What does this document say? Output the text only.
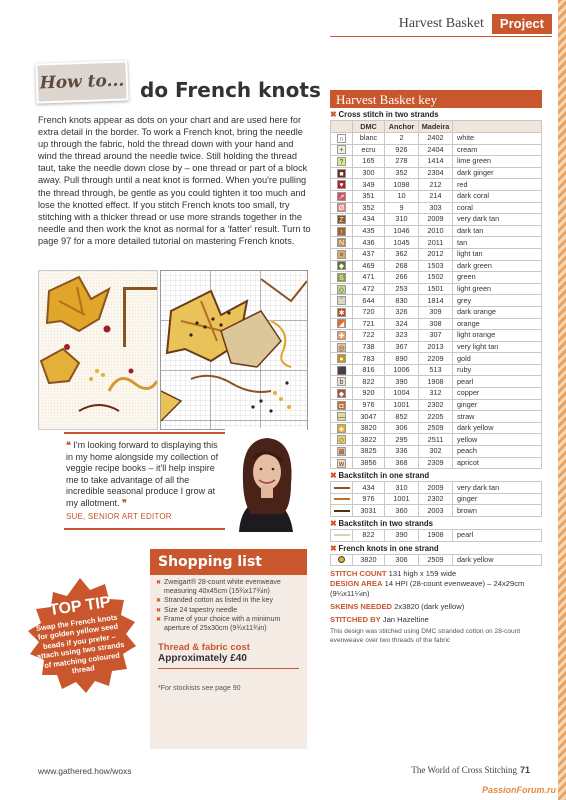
Harvest Basket	Project
How to... do French knots
French knots appear as dots on your chart and are used here for extra detail in the border. To work a French knot, bring the needle up through the fabric, hold the thread down with your hand and wind the thread around the needle twice. Still holding the thread taut, take the needle down close by – one thread or part of a block away. Pull through until a neat knot is formed. When you're pulling the thread through, be gentle as you could tighten it too much and lose the knotted effect. If you stitch French knots too small, try stitching with a thicker thread or use more strands together in the needle and then work the knot as normal for a 'fatter' result. Turn to page 97 for a more detailed tutorial on mastering French knots.
❝ I'm looking forward to displaying this in my home alongside my collection of veggie recipe books – it'll help inspire me to take advantage of all the incredible seasonal produce I grow at my allotment. ❞
SUE, SENIOR ART EDITOR
Shopping list
✖ Zweigart® 28-count white evenweave measuring 40x45cm (15¾x17¾in)
✖ Stranded cotton as listed in the key
✖ Size 24 tapestry needle
✖ Frame of your choice with a minimum aperture of 25x30cm (9¾x11¾in)
Thread & fabric cost
Approximately £40
*For stockists see page 90
TOP TIP
Swap the French knots for golden yellow seed beads if you prefer – attach using two strands of matching coloured thread
Harvest Basket key
✖ Cross stitch in two strands
	DMC	Anchor	Madeira	
∩	blanc	2	2402	white
+	ecru	926	2404	cream
?	165	278	1414	lime green
■	300	352	2304	dark ginger
♥	349	1098	212	red
↗	351	10	214	dark coral
Ø	352	9	303	coral
Z	434	310	2009	very dark tan
↑	435	1046	2010	dark tan
N	436	1045	2011	tan
×	437	362	2012	light tan
◆	469	268	1503	dark green
S	471	266	1502	green
◇	472	253	1501	light green
ˆ	644	830	1814	grey
✱	720	326	309	dark orange
◢	721	324	308	orange
✚	722	323	307	light orange
◎	738	367	2013	very light tan
●	783	890	2209	gold
⬛	816	1006	513	ruby
b	822	390	1908	pearl
◆	920	1004	312	copper
◘	976	1001	2302	ginger
—	3047	852	2205	straw
◈	3820	306	2509	dark yellow
◇	3822	295	2511	yellow
⊠	3825	336	302	peach
w	3856	368	2309	apricot
✖ Backstitch in one strand
	434	310	2009	very dark tan
	976	1001	2302	ginger
	3031	360	2003	brown
✖ Backstitch in two strands
	822	390	1908	pearl
✖ French knots in one strand
	3820	306	2509	dark yellow
STITCH COUNT 131 high x 159 wide
DESIGN AREA 14 HPI (28-count evenweave) – 24x29cm (9¼x11¼in)
SKEINS NEEDED 2x3820 (dark yellow)
STITCHED BY Jan Hazeltine
This design was stitched using DMC stranded cotton on 28-count evenweave over two threads of the fabric
www.gathered.how/woxs	The World of Cross Stitching 71
PassionForum.ru
